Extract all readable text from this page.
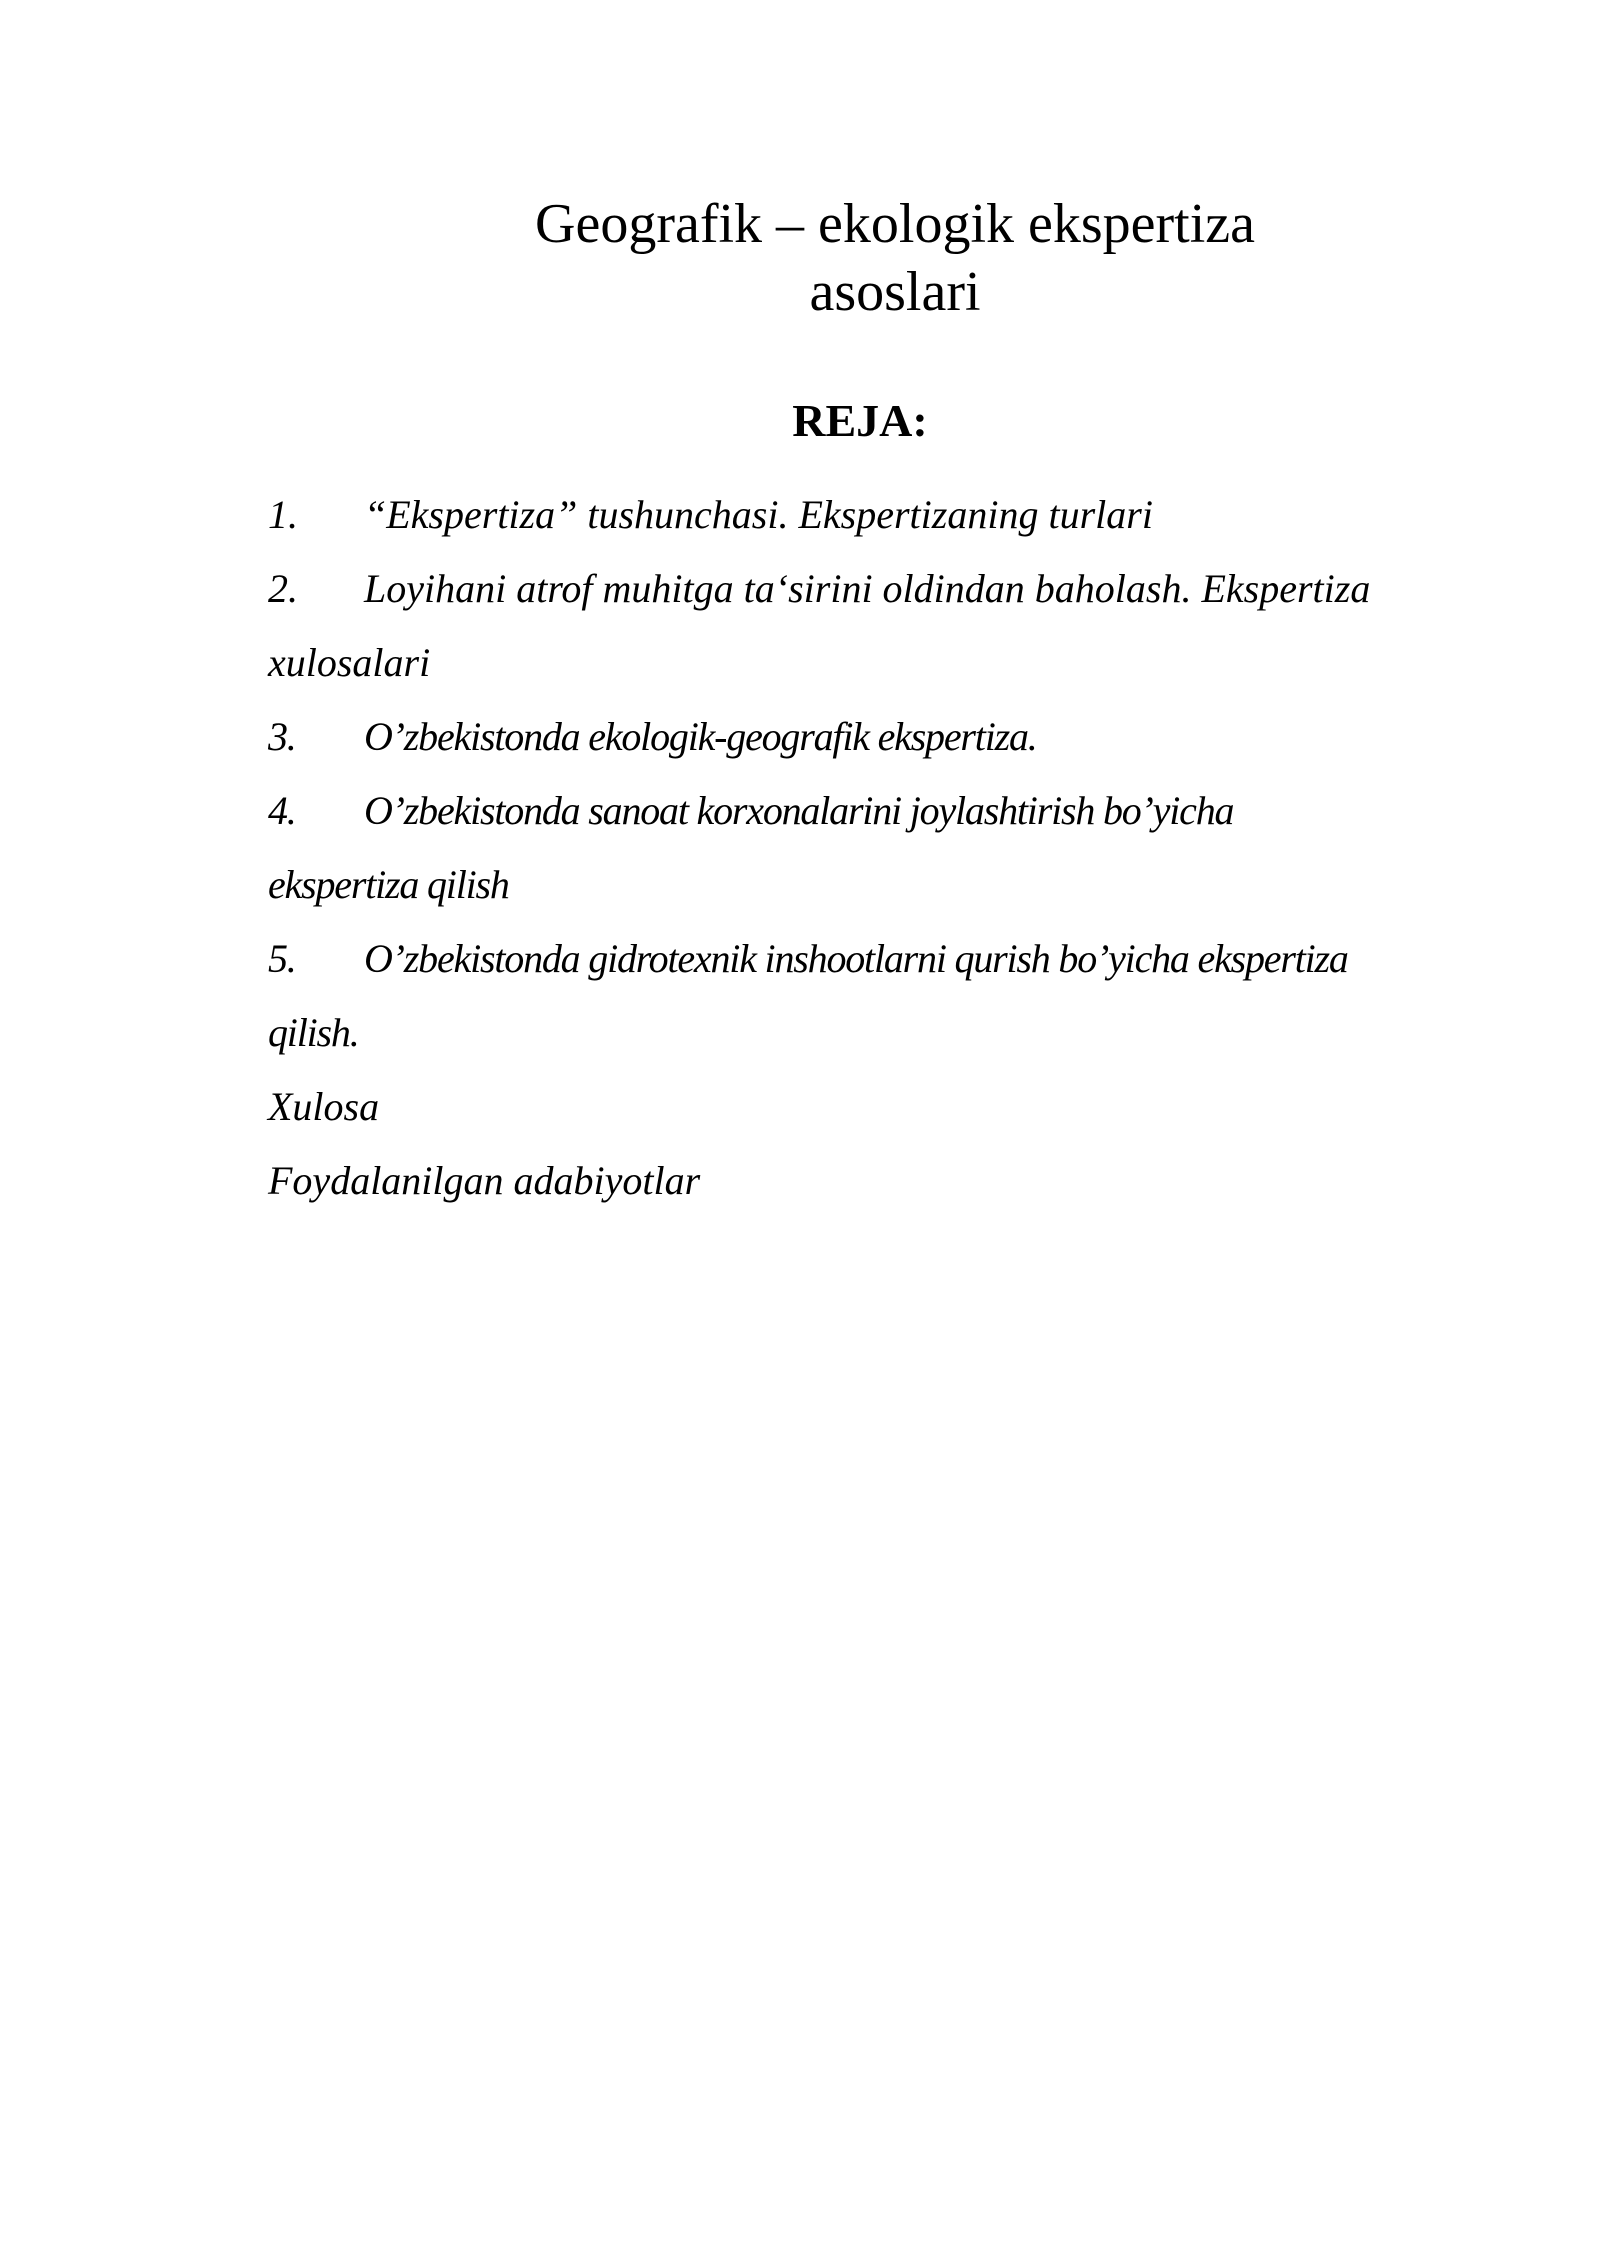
Geografik – ekologik ekspertiza
asoslari
REJA:

1. “Ekspertiza” tushunchasi. Ekspertizaning turlari

2. Loyihani atrof muhitga ta‘sirini oldindan baholash. Ekspertiza
xulosalari

3. O’zbekistonda ekologik-geografik ekspertiza.

4. O’zbekistonda sanoat korxonalarini joylashtirish bo’yicha
ekspertiza qilish

5. O’zbekistonda gidrotexnik inshootlarni qurish bo’yicha ekspertiza
qilish.

Xulosa

Foydalanilgan adabiyotlar
